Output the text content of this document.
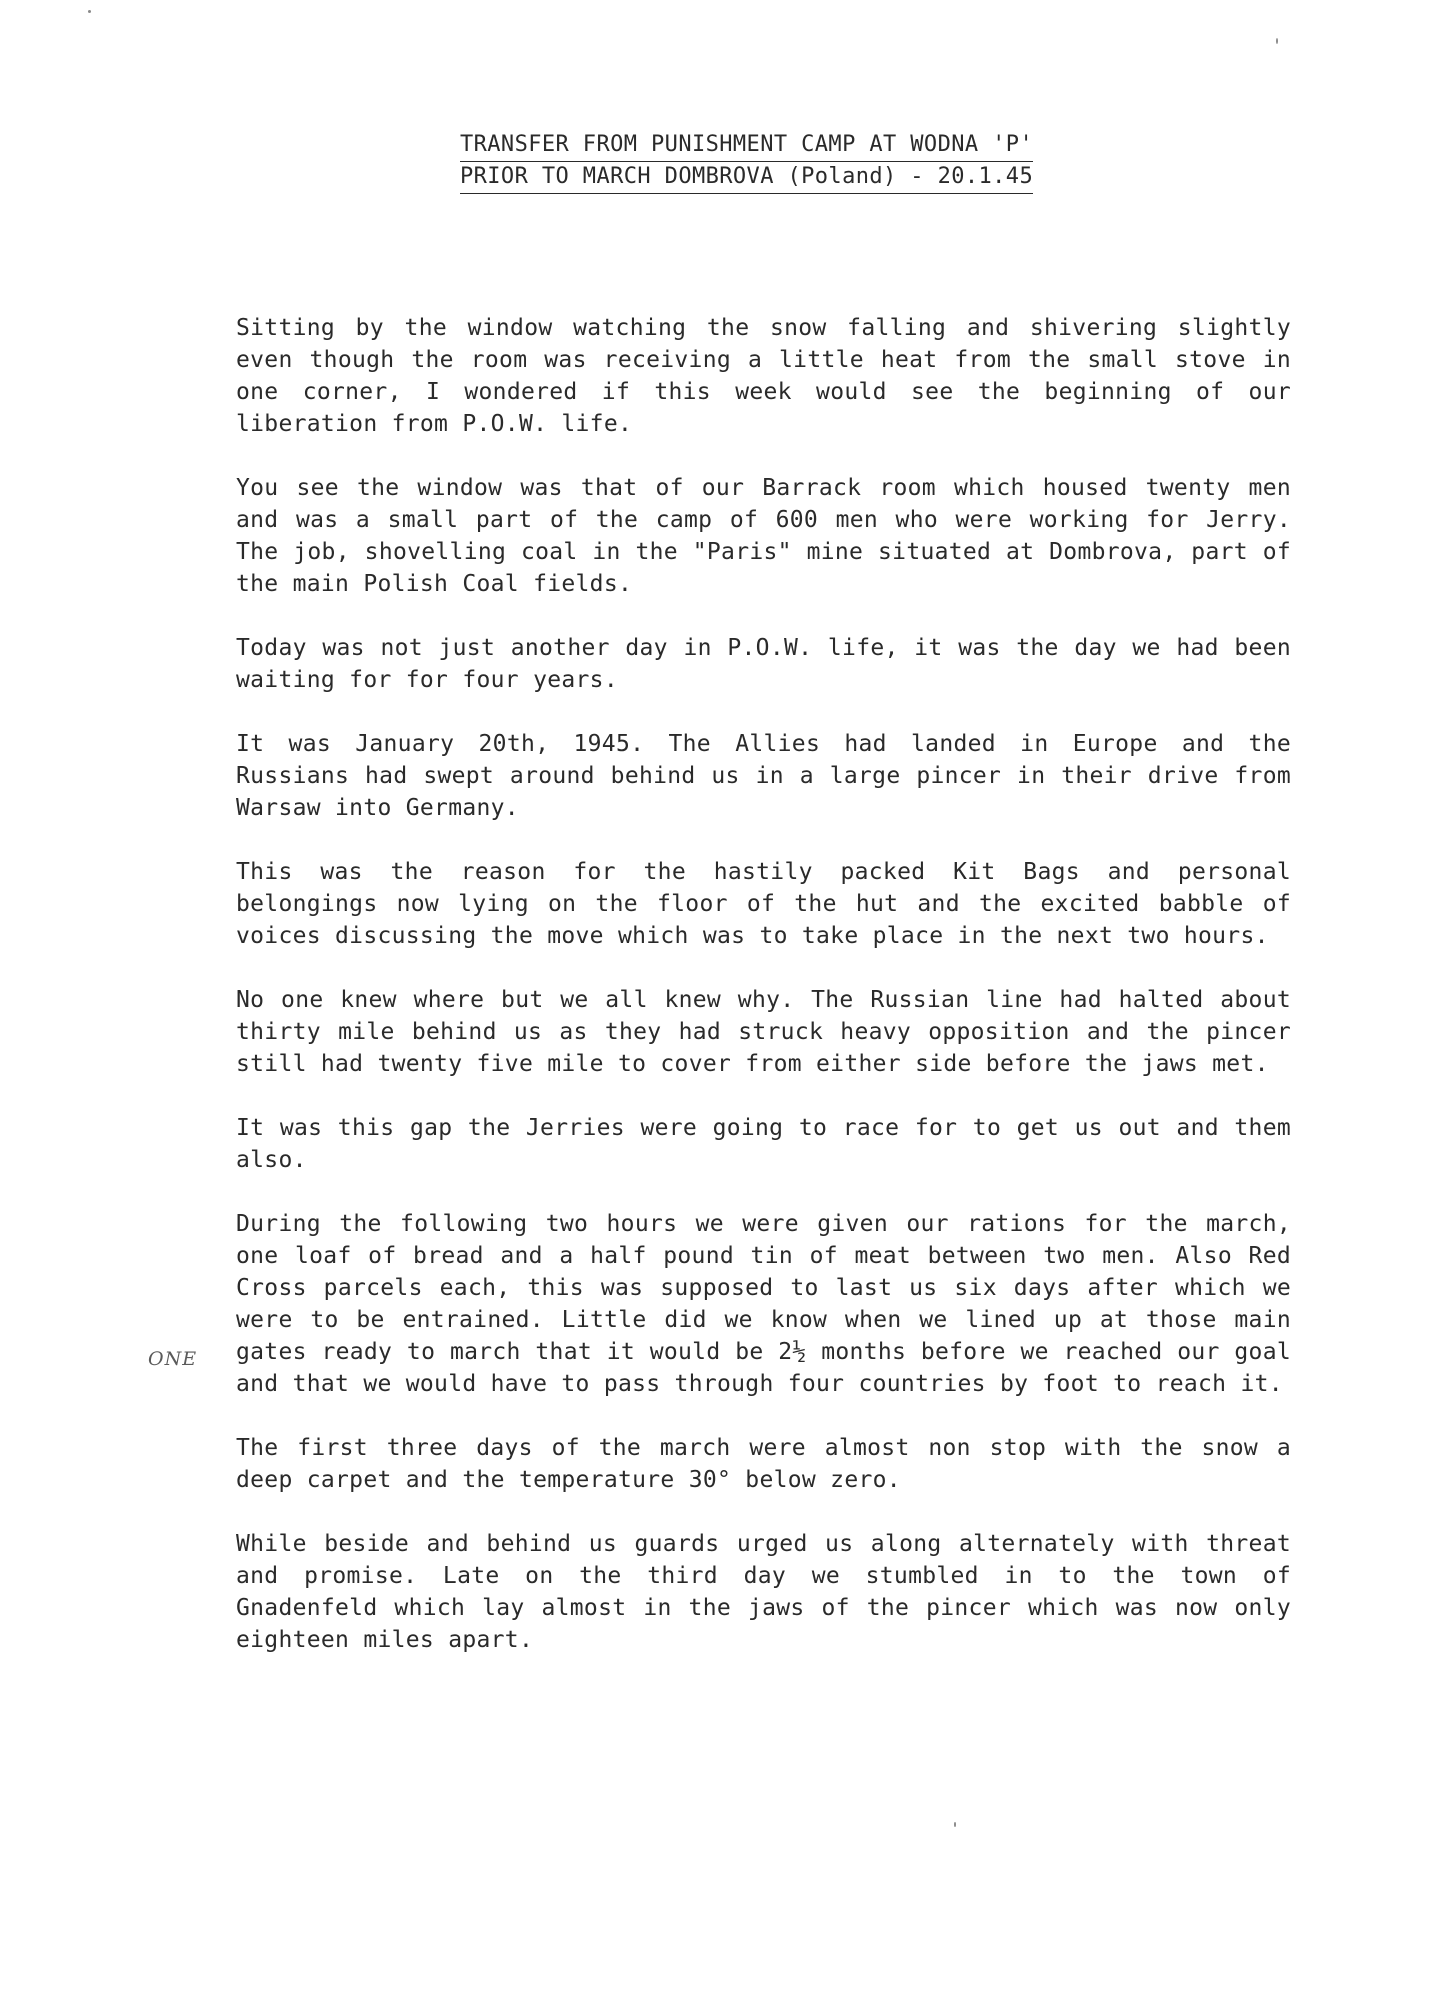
TRANSFER FROM PUNISHMENT CAMP AT WODNA 'P'
PRIOR TO MARCH DOMBROVA (Poland) - 20.1.45
ONE

Sitting by the window watching the snow falling and shivering slightly even though the room was receiving a little heat from the small stove in one corner, I wondered if this week would see the beginning of our liberation from P.O.W. life.

You see the window was that of our Barrack room which housed twenty men and was a small part of the camp of 600 men who were working for Jerry. The job, shovelling coal in the "Paris" mine situated at Dombrova, part of the main Polish Coal fields.

Today was not just another day in P.O.W. life, it was the day we had been waiting for for four years.

It was January 20th, 1945. The Allies had landed in Europe and the Russians had swept around behind us in a large pincer in their drive from Warsaw into Germany.

This was the reason for the hastily packed Kit Bags and personal belongings now lying on the floor of the hut and the excited babble of voices discussing the move which was to take place in the next two hours.

No one knew where but we all knew why. The Russian line had halted about thirty mile behind us as they had struck heavy opposition and the pincer still had twenty five mile to cover from either side before the jaws met.

It was this gap the Jerries were going to race for to get us out and them also.

During the following two hours we were given our rations for the march, one loaf of bread and a half pound tin of meat between two men. Also Red Cross parcels each, this was supposed to last us six days after which we were to be entrained. Little did we know when we lined up at those main gates ready to march that it would be 2½ months before we reached our goal and that we would have to pass through four countries by foot to reach it.

The first three days of the march were almost non stop with the snow a deep carpet and the temperature 30° below zero.

While beside and behind us guards urged us along alternately with threat and promise. Late on the third day we stumbled in to the town of Gnadenfeld which lay almost in the jaws of the pincer which was now only eighteen miles apart.
